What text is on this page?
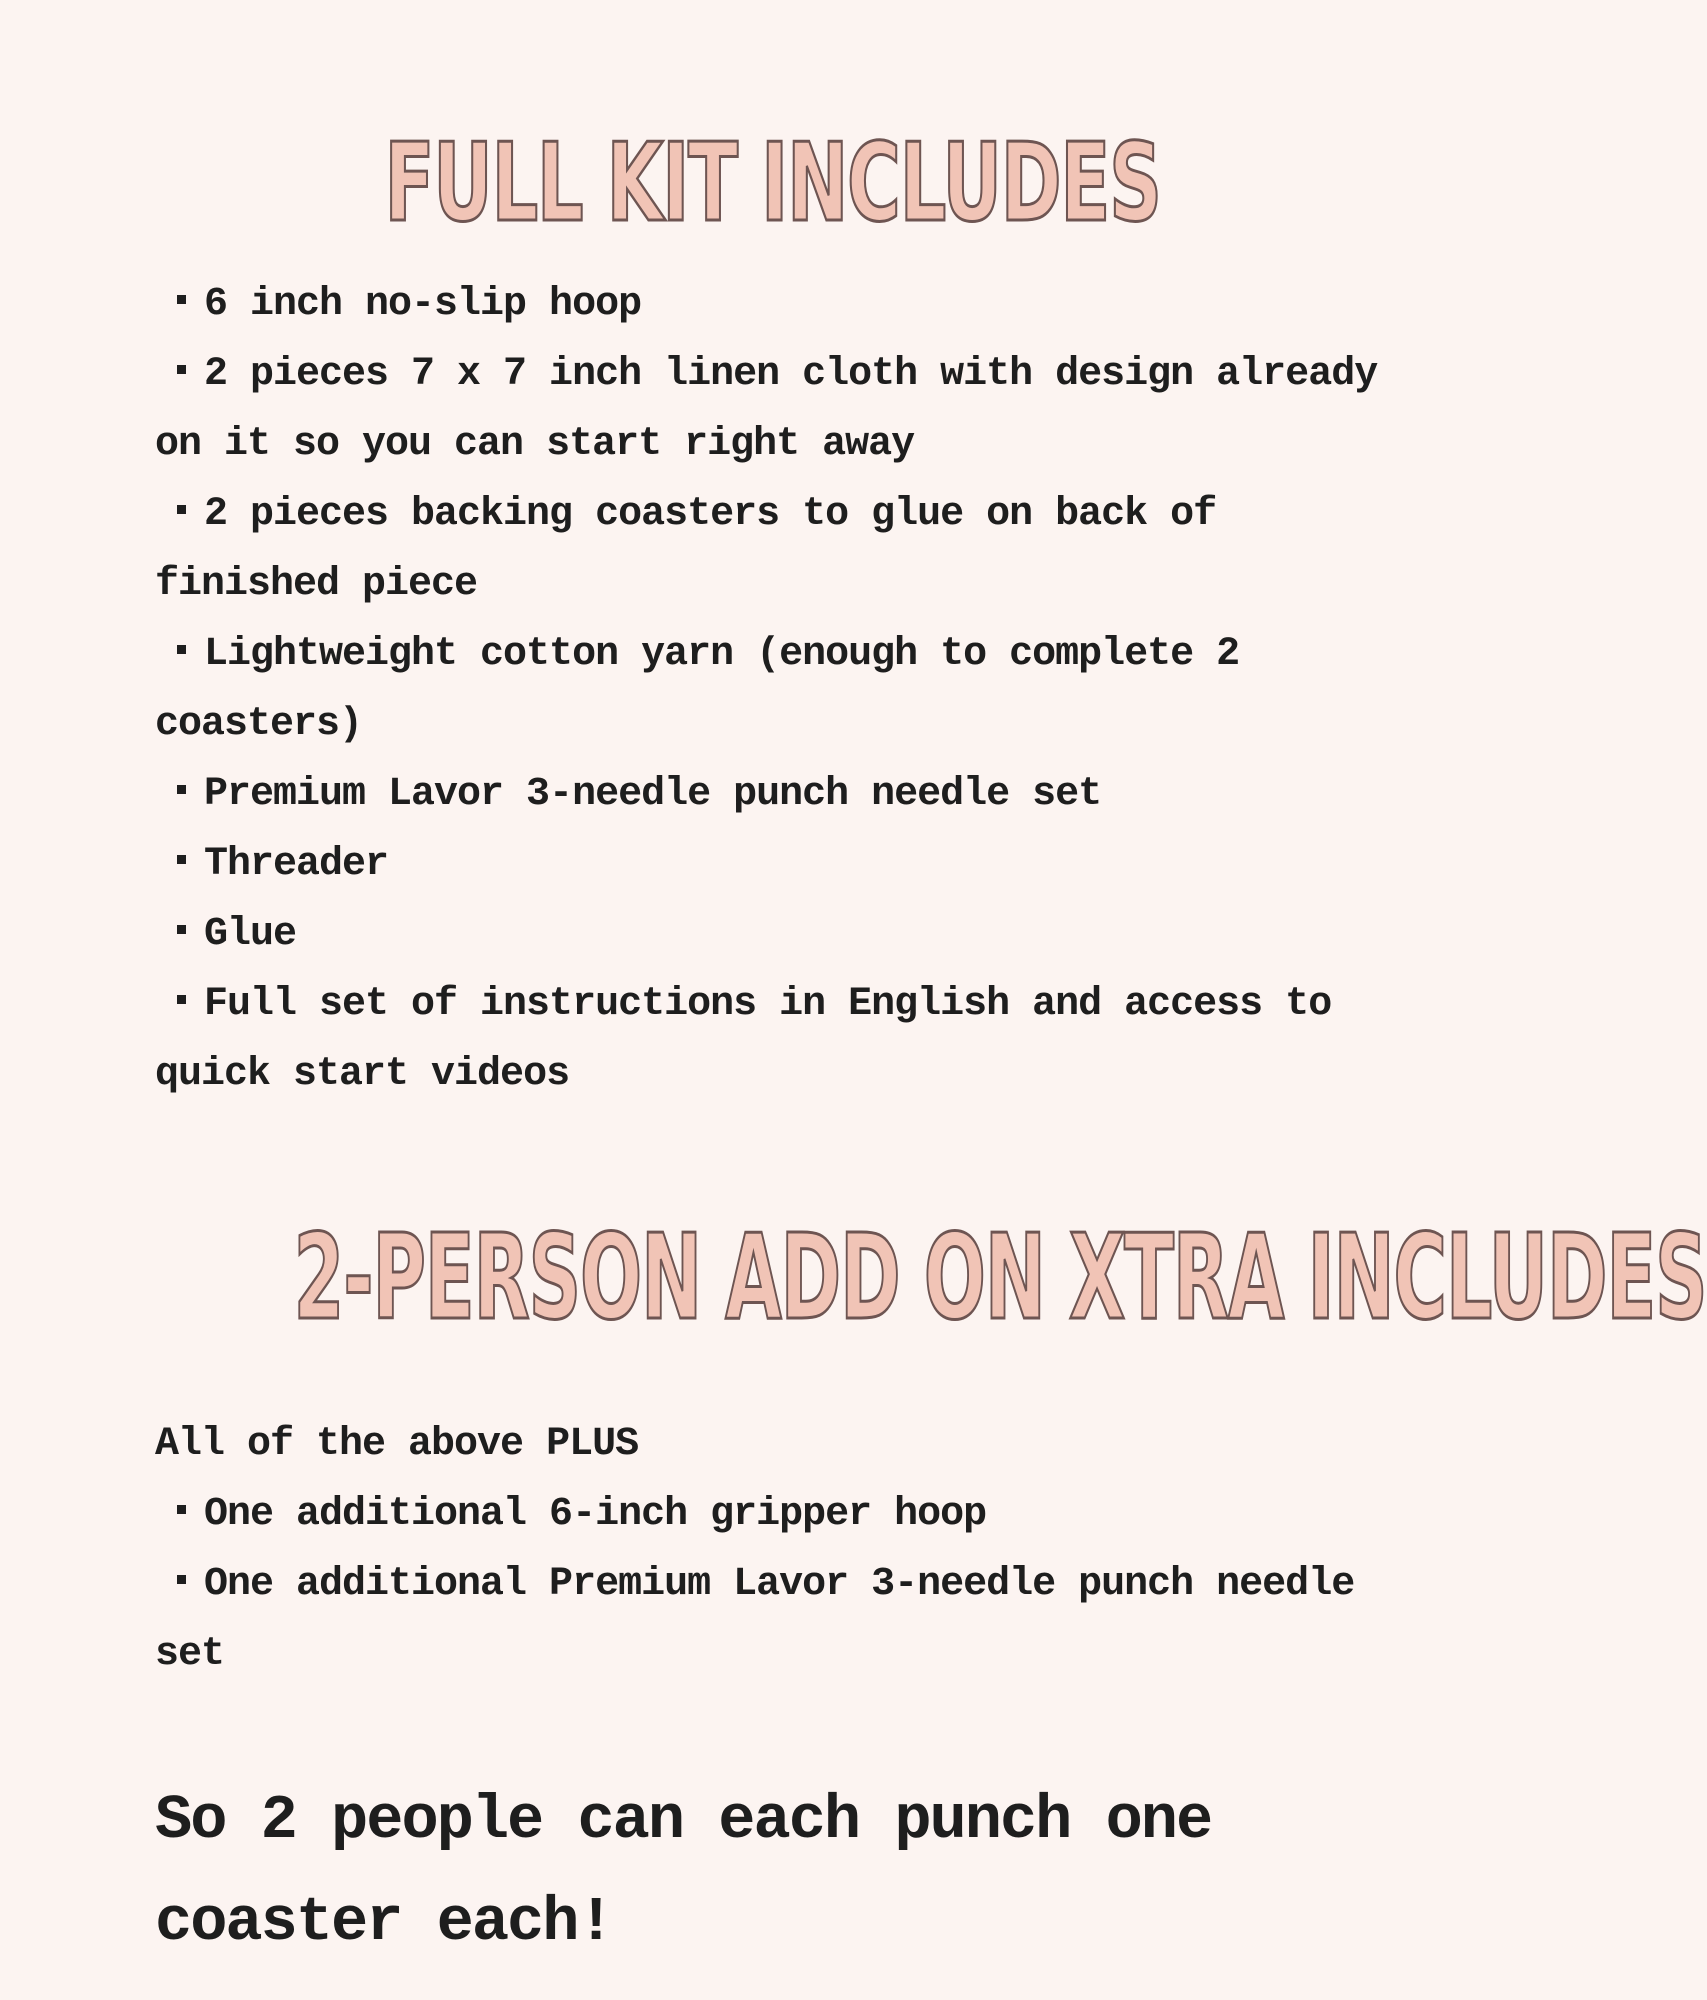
FULL KIT INCLUDES
6 inch no-slip hoop
2 pieces 7 x 7 inch linen cloth with design already on it so you can start right away
2 pieces backing coasters to glue on back of finished piece
Lightweight cotton yarn (enough to complete 2 coasters)
Premium Lavor 3-needle punch needle set
Threader
Glue
Full set of instructions in English and access to quick start videos
2-PERSON ADD ON XTRA INCLUDES
All of the above PLUS
One additional 6-inch gripper hoop
One additional Premium Lavor 3-needle punch needle set

So 2 people can each punch one coaster each!
